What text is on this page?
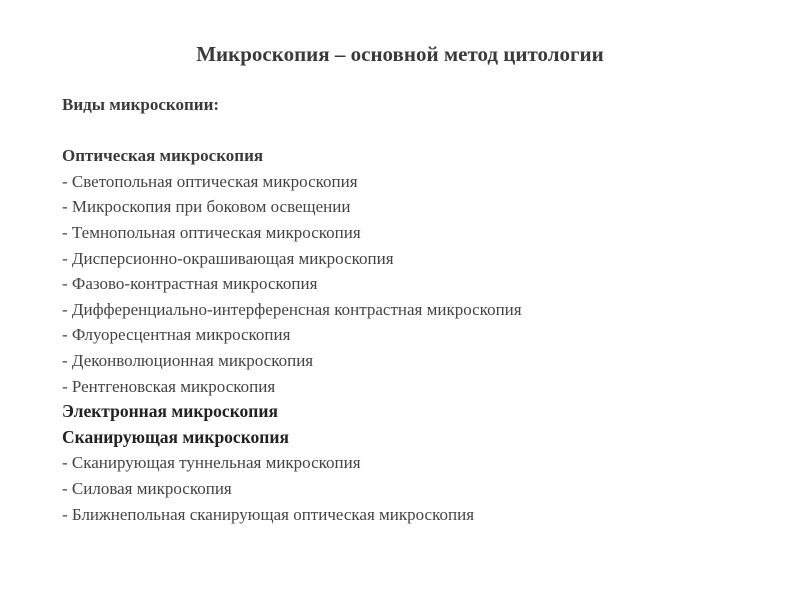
Микроскопия – основной метод цитологии
Виды микроскопии:
Оптическая микроскопия
- Светопольная оптическая микроскопия
- Микроскопия при боковом освещении
- Темнопольная оптическая микроскопия
- Дисперсионно-окрашивающая микроскопия
- Фазово-контрастная микроскопия
- Дифференциально-интерференсная контрастная микроскопия
- Флуоресцентная микроскопия
- Деконволюционная микроскопия
- Рентгеновская микроскопия
Электронная микроскопия
Сканирующая микроскопия
- Сканирующая туннельная микроскопия
- Силовая микроскопия
- Ближнепольная сканирующая оптическая микроскопия
